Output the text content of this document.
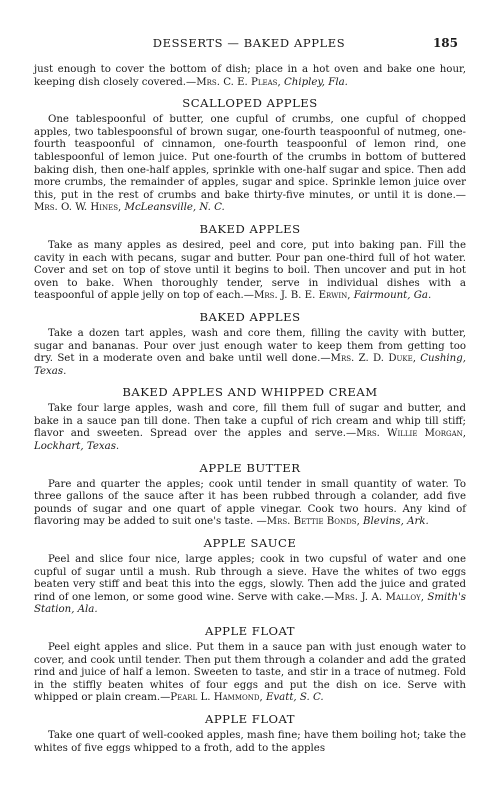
DESSERTS — BAKED APPLES	185

just enough to cover the bottom of dish; place in a hot oven and bake one hour, keeping dish closely covered.—Mrs. C. E. Pleas, Chipley, Fla.

SCALLOPED APPLES

One tablespoonful of butter, one cupful of crumbs, one cupful of chopped apples, two tablespoonsful of brown sugar, one-fourth teaspoonful of nutmeg, one-fourth teaspoonful of cinnamon, one-fourth teaspoonful of lemon rind, one tablespoonful of lemon juice. Put one-fourth of the crumbs in bottom of buttered baking dish, then one-half apples, sprinkle with one-half sugar and spice. Then add more crumbs, the remainder of apples, sugar and spice. Sprinkle lemon juice over this, put in the rest of crumbs and bake thirty-five minutes, or until it is done.—Mrs. O. W. Hines, McLeansville, N. C.

BAKED APPLES

Take as many apples as desired, peel and core, put into baking pan. Fill the cavity in each with pecans, sugar and butter. Pour pan one-third full of hot water. Cover and set on top of stove until it begins to boil. Then uncover and put in hot oven to bake. When thoroughly tender, serve in individual dishes with a teaspoonful of apple jelly on top of each.—Mrs. J. B. E. Erwin, Fairmount, Ga.

BAKED APPLES

Take a dozen tart apples, wash and core them, filling the cavity with butter, sugar and bananas. Pour over just enough water to keep them from getting too dry. Set in a moderate oven and bake until well done.—Mrs. Z. D. Duke, Cushing, Texas.

BAKED APPLES AND WHIPPED CREAM

Take four large apples, wash and core, fill them full of sugar and butter, and bake in a sauce pan till done. Then take a cupful of rich cream and whip till stiff; flavor and sweeten. Spread over the apples and serve.—Mrs. Willie Morgan, Lockhart, Texas.

APPLE BUTTER

Pare and quarter the apples; cook until tender in small quantity of water. To three gallons of the sauce after it has been rubbed through a colander, add five pounds of sugar and one quart of apple vinegar. Cook two hours. Any kind of flavoring may be added to suit one's taste. —Mrs. Bettie Bonds, Blevins, Ark.

APPLE SAUCE

Peel and slice four nice, large apples; cook in two cupsful of water and one cupful of sugar until a mush. Rub through a sieve. Have the whites of two eggs beaten very stiff and beat this into the eggs, slowly. Then add the juice and grated rind of one lemon, or some good wine. Serve with cake.—Mrs. J. A. Malloy, Smith's Station, Ala.

APPLE FLOAT

Peel eight apples and slice. Put them in a sauce pan with just enough water to cover, and cook until tender. Then put them through a colander and add the grated rind and juice of half a lemon. Sweeten to taste, and stir in a trace of nutmeg. Fold in the stiffly beaten whites of four eggs and put the dish on ice. Serve with whipped or plain cream.—Pearl L. Hammond, Evatt, S. C.

APPLE FLOAT

Take one quart of well-cooked apples, mash fine; have them boiling hot; take the whites of five eggs whipped to a froth, add to the apples
